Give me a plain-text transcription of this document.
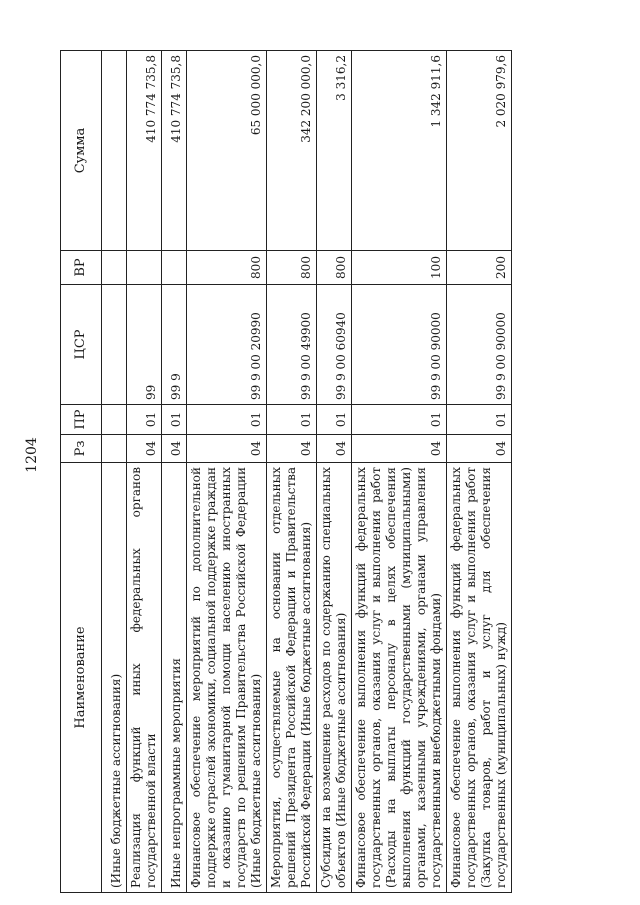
1204
Наименование	Рз	ПР	ЦСР	ВР	Сумма
(Иные бюджетные ассигнования)					
Реализация функций иных федеральных органов государственной власти	04	01	99		410 774 735,8
Иные непрограммные мероприятия	04	01	99 9		410 774 735,8
Финансовое обеспечение мероприятий по дополнительной поддержке отраслей экономики, социальной поддержке граждан и оказанию гуманитарной помощи населению иностранных государств по решениям Правительства Российской Федерации (Иные бюджетные ассигнования)	04	01	99 9 00 20990	800	65 000 000,0
Мероприятия, осуществляемые на основании отдельных решений Президента Российской Федерации и Правительства Российской Федерации (Иные бюджетные ассигнования)	04	01	99 9 00 49900	800	342 200 000,0
Субсидии на возмещение расходов по содержанию специальных объектов (Иные бюджетные ассигнования)	04	01	99 9 00 60940	800	3 316,2
Финансовое обеспечение выполнения функций федеральных государственных органов, оказания услуг и выполнения работ (Расходы на выплаты персоналу в целях обеспечения выполнения функций государственными (муниципальными) органами, казенными учреждениями, органами управления государственными внебюджетными фондами)	04	01	99 9 00 90000	100	1 342 911,6
Финансовое обеспечение выполнения функций федеральных государственных органов, оказания услуг и выполнения работ (Закупка товаров, работ и услуг для обеспечения государственных (муниципальных) нужд)	04	01	99 9 00 90000	200	2 020 979,6
